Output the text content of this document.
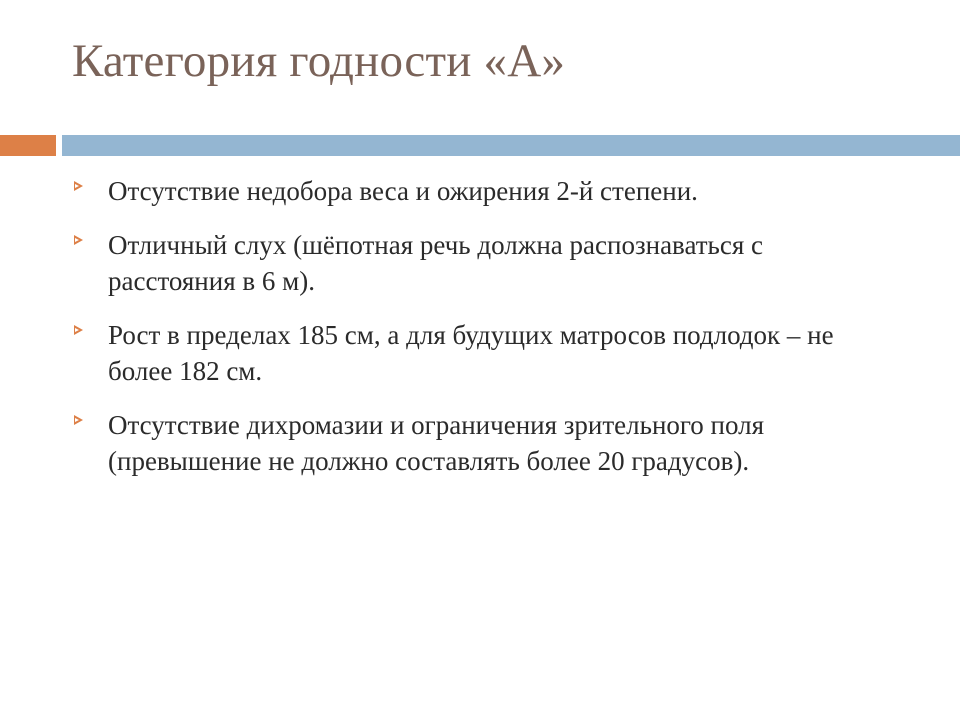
Категория годности «А»
Отсутствие недобора веса и ожирения 2-й степени.
Отличный слух (шёпотная речь должна распознаваться с расстояния в 6 м).
Рост в пределах 185 см, а для будущих матросов подлодок – не более 182 см.
Отсутствие дихромазии и ограничения зрительного поля (превышение не должно составлять более 20 градусов).
